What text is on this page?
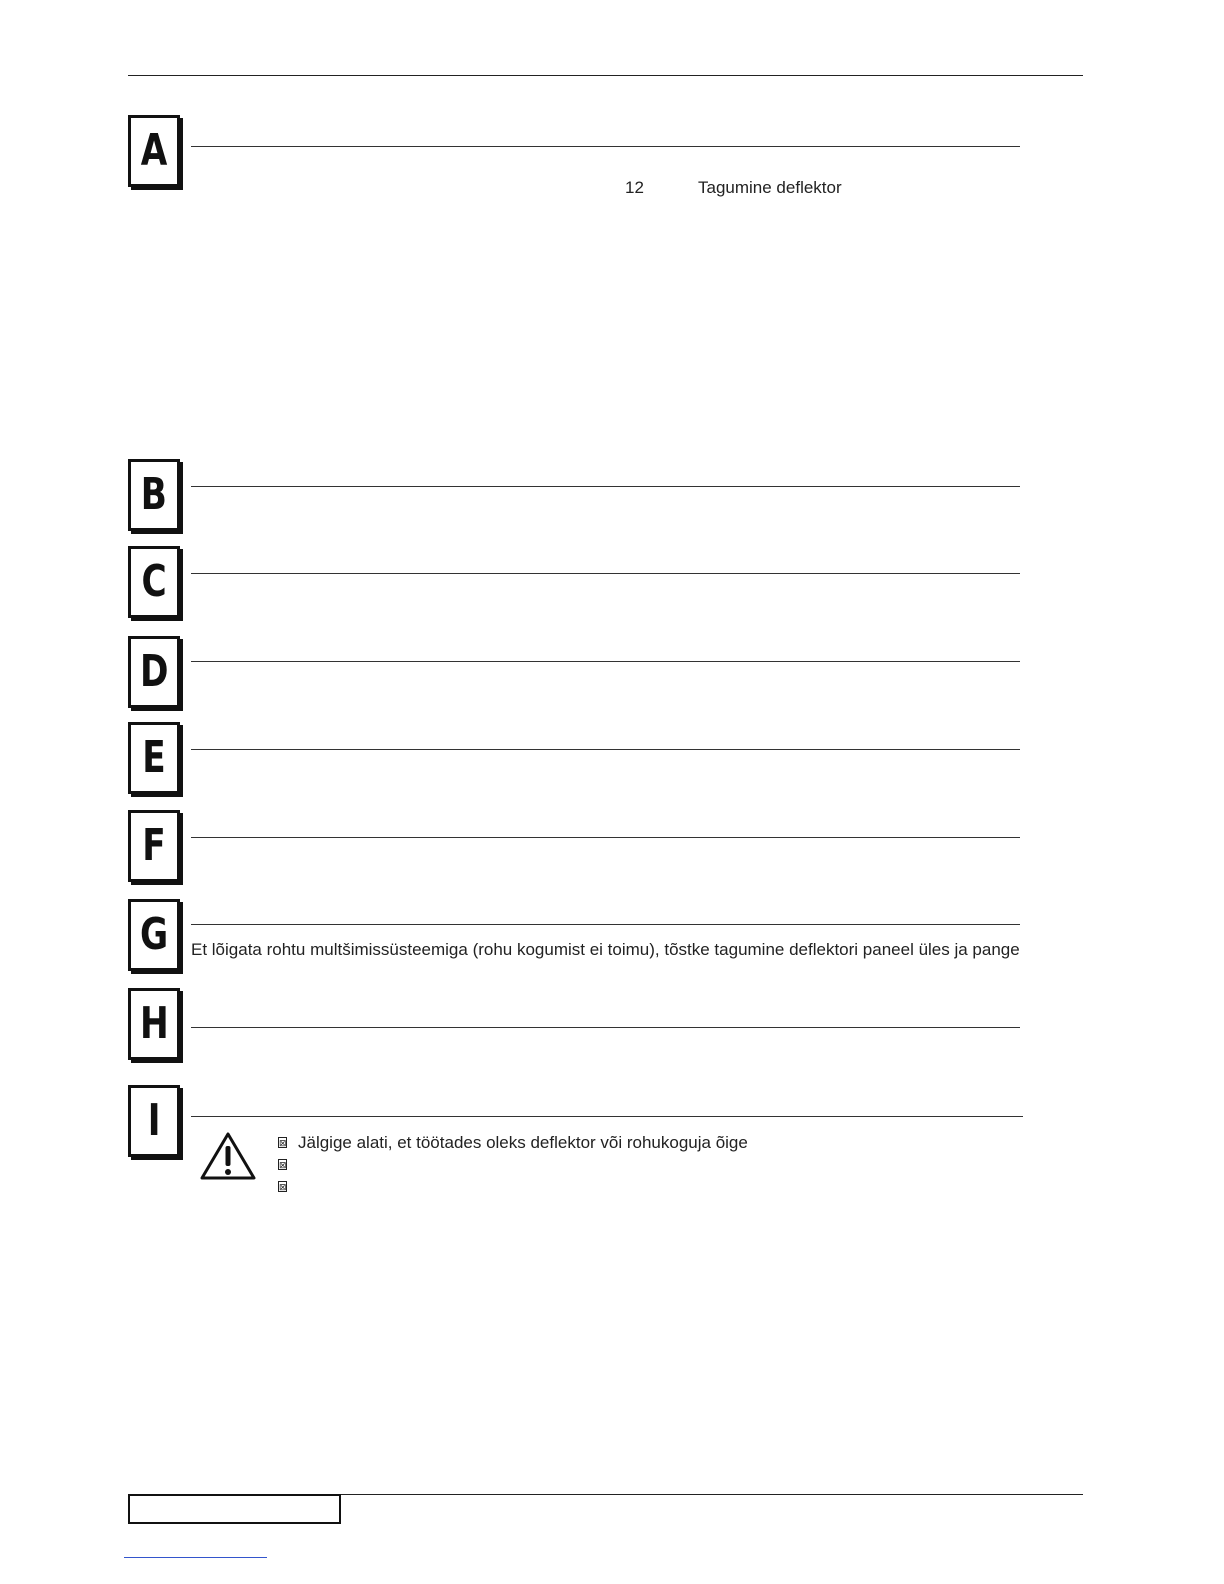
A
12	Tagumine deflektor
B
C
D
E
F
G Et lõigata rohtu multšimissüsteemiga (rohu kogumist ei toimu), tõstke tagumine deflektori paneel üles ja pange
H
I	⊠ Jälgige alati, et töötades oleks deflektor või rohukoguja õige
⊠
⊠
